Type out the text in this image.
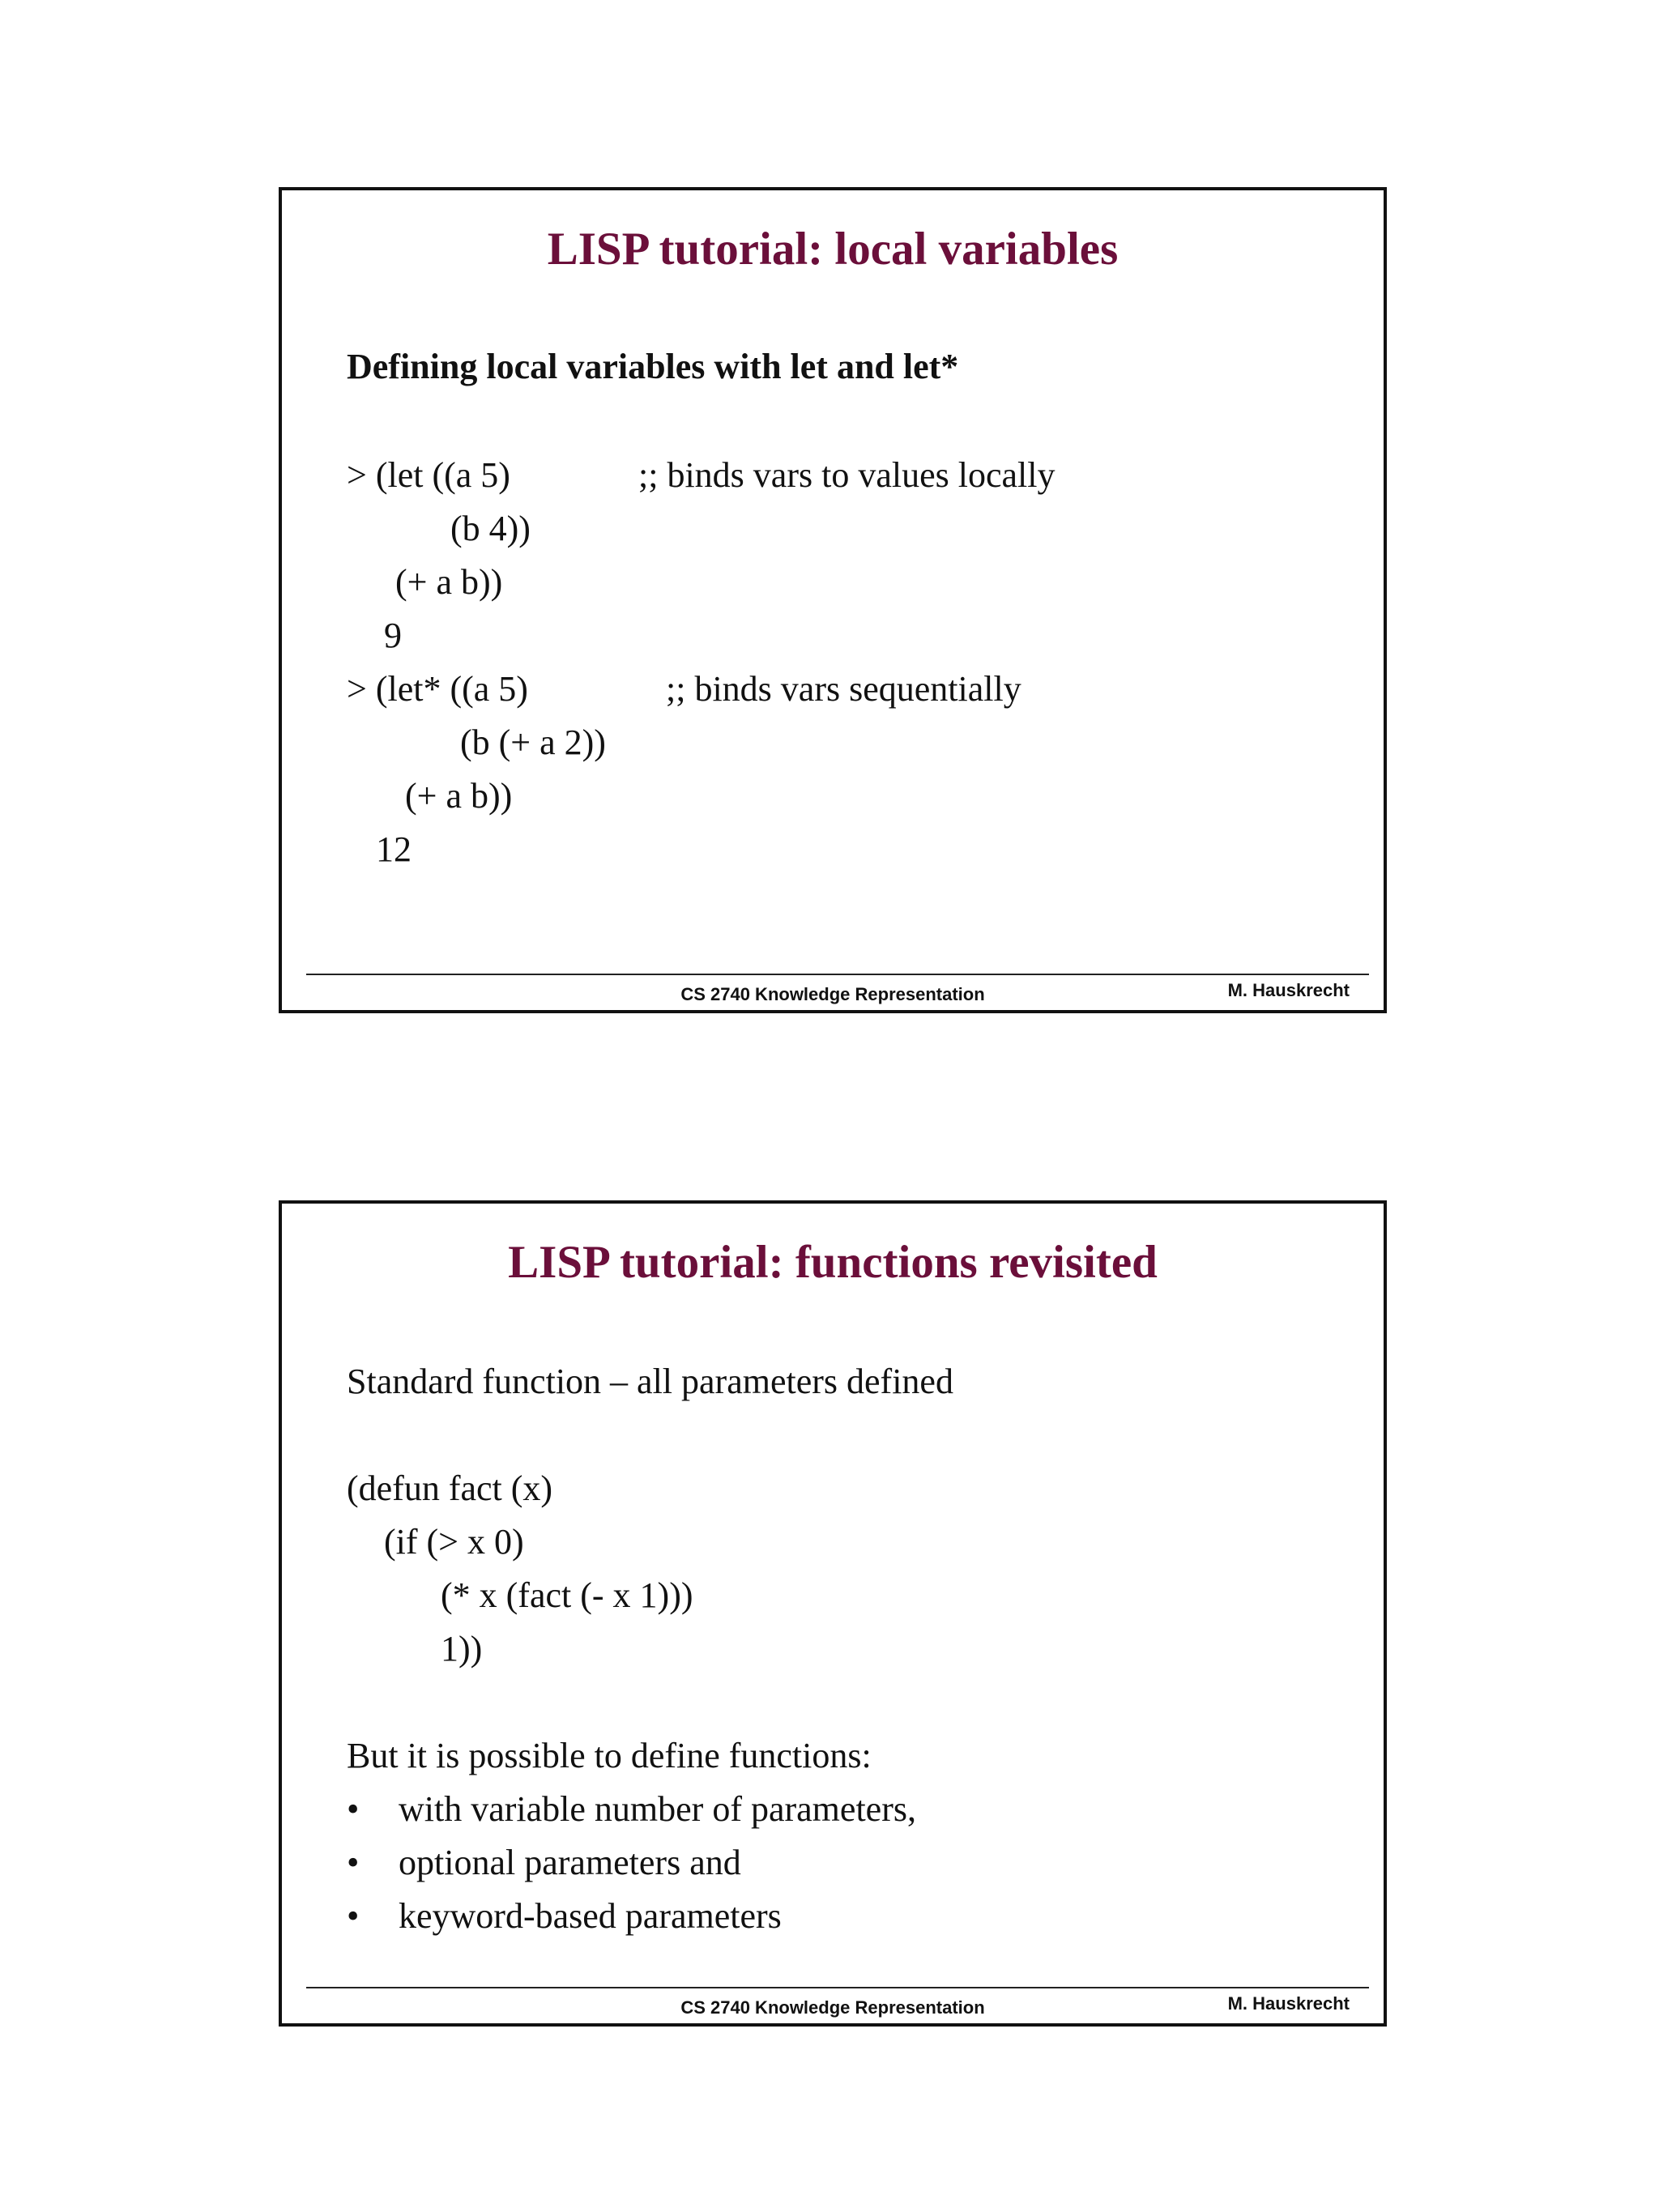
LISP tutorial: local variables
Defining local variables with let and let*
> (let ((a 5)	;; binds vars to values locally
(b 4))
(+ a b))
9
> (let* ((a 5)	;; binds vars sequentially
(b (+ a 2))
(+ a b))
12
CS 2740 Knowledge Representation	M. Hauskrecht
LISP tutorial: functions revisited
Standard function – all parameters defined
(defun fact (x)
(if (> x 0)
(* x (fact (- x 1)))
1))
But it is possible to define functions:
• with variable number of parameters,
• optional parameters and
• keyword-based parameters
CS 2740 Knowledge Representation	M. Hauskrecht
